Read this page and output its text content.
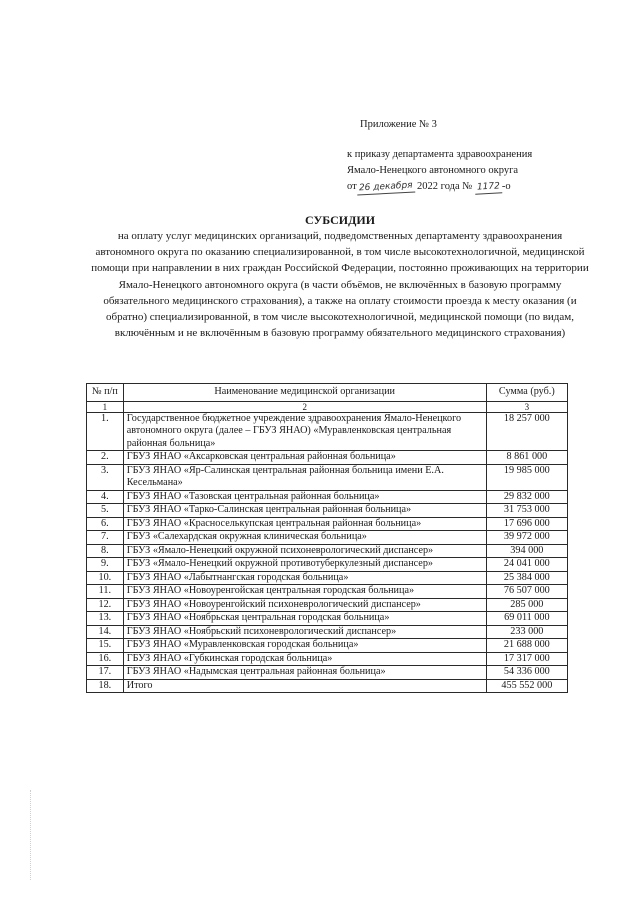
Приложение № 3
к приказу департамента здравоохранения
Ямало-Ненецкого автономного округа
от 26 декабря 2022 года № 1172 -о
СУБСИДИИ
на оплату услуг медицинских организаций, подведомственных департаменту здравоохранения автономного округа по оказанию специализированной, в том числе высокотехнологичной, медицинской помощи при направлении в них граждан Российской Федерации, постоянно проживающих на территории Ямало-Ненецкого автономного округа (в части объёмов, не включённых в базовую программу обязательного медицинского страхования), а также на оплату стоимости проезда к месту оказания (и обратно) специализированной, в том числе высокотехнологичной, медицинской помощи (по видам, включённым и не включённым в базовую программу обязательного медицинского страхования)
№ п/п	Наименование медицинской организации	Сумма (руб.)
1	2	3
1.	Государственное бюджетное учреждение здравоохранения Ямало-Ненецкого автономного округа (далее – ГБУЗ ЯНАО) «Муравленковская центральная районная больница»	18 257 000
2.	ГБУЗ ЯНАО «Аксарковская центральная районная больница»	8 861 000
3.	ГБУЗ ЯНАО «Яр-Салинская центральная районная больница имени Е.А. Кесельмана»	19 985 000
4.	ГБУЗ ЯНАО «Тазовская центральная районная больница»	29 832 000
5.	ГБУЗ ЯНАО «Тарко-Салинская центральная районная больница»	31 753 000
6.	ГБУЗ ЯНАО «Красноселькупская центральная районная больница»	17 696 000
7.	ГБУЗ «Салехардская окружная клиническая больница»	39 972 000
8.	ГБУЗ «Ямало-Ненецкий окружной психоневрологический диспансер»	394 000
9.	ГБУЗ «Ямало-Ненецкий окружной противотуберкулезный диспансер»	24 041 000
10.	ГБУЗ ЯНАО «Лабытнангская городская больница»	25 384 000
11.	ГБУЗ ЯНАО «Новоуренгойская центральная городская больница»	76 507 000
12.	ГБУЗ ЯНАО «Новоуренгойский психоневрологический диспансер»	285 000
13.	ГБУЗ ЯНАО «Ноябрьская центральная городская больница»	69 011 000
14.	ГБУЗ ЯНАО «Ноябрьский психоневрологический диспансер»	233 000
15.	ГБУЗ ЯНАО «Муравленковская городская больница»	21 688 000
16.	ГБУЗ ЯНАО «Губкинская городская больница»	17 317 000
17.	ГБУЗ ЯНАО «Надымская центральная районная больница»	54 336 000
18.	Итого	455 552 000
